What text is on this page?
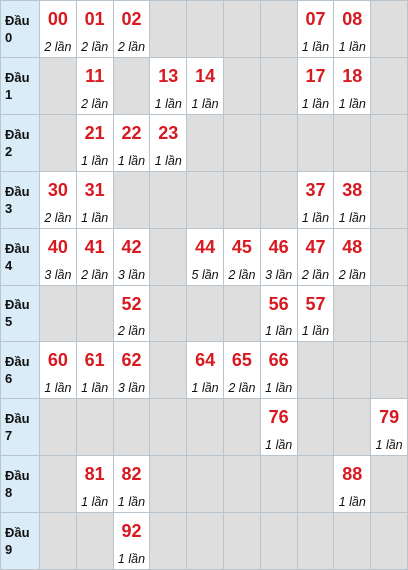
Đầu
0
00
2 lần
01
2 lần
02
2 lần
07
1 lần
08
1 lần
Đầu
1
11
2 lần
13
1 lần
14
1 lần
17
1 lần
18
1 lần
Đầu
2
21
1 lần
22
1 lần
23
1 lần
Đầu
3
30
2 lần
31
1 lần
37
1 lần
38
1 lần
Đầu
4
40
3 lần
41
2 lần
42
3 lần
44
5 lần
45
2 lần
46
3 lần
47
2 lần
48
2 lần
Đầu
5
52
2 lần
56
1 lần
57
1 lần
Đầu
6
60
1 lần
61
1 lần
62
3 lần
64
1 lần
65
2 lần
66
1 lần
Đầu
7
76
1 lần
79
1 lần
Đầu
8
81
1 lần
82
1 lần
88
1 lần
Đầu
9
92
1 lần
